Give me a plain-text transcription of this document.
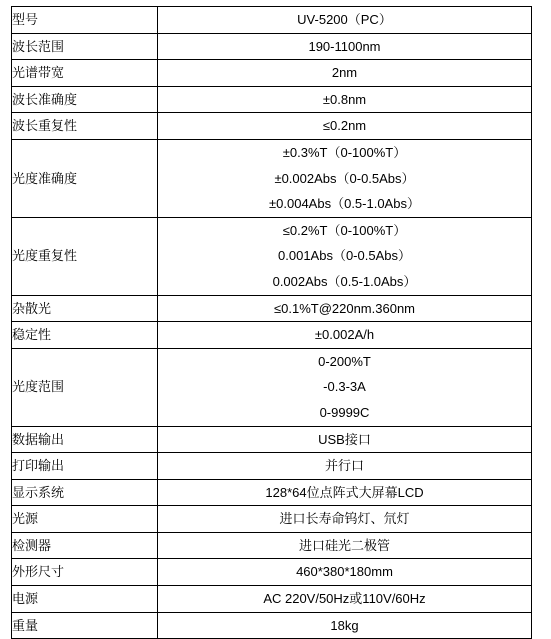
型号	UV-5200（PC）

波长范围	190-1100nm

光谱带宽	2nm

波长准确度	±0.8nm

波长重复性	≤0.2nm

光度准确度	±0.3%T（0-100%T）
±0.002Abs（0-0.5Abs）
±0.004Abs（0.5-1.0Abs）

光度重复性	≤0.2%T（0-100%T）
0.001Abs（0-0.5Abs）
0.002Abs（0.5-1.0Abs）

杂散光	≤0.1%T@220nm.360nm

稳定性	±0.002A/h

光度范围	0-200%T
-0.3-3A
0-9999C

数据输出	USB接口

打印输出	并行口

显示系统	128*64位点阵式大屏幕LCD

光源	进口长寿命钨灯、氘灯

检测器	进口硅光二极管

外形尺寸	460*380*180mm

电源	AC 220V/50Hz或110V/60Hz

重量	18kg
